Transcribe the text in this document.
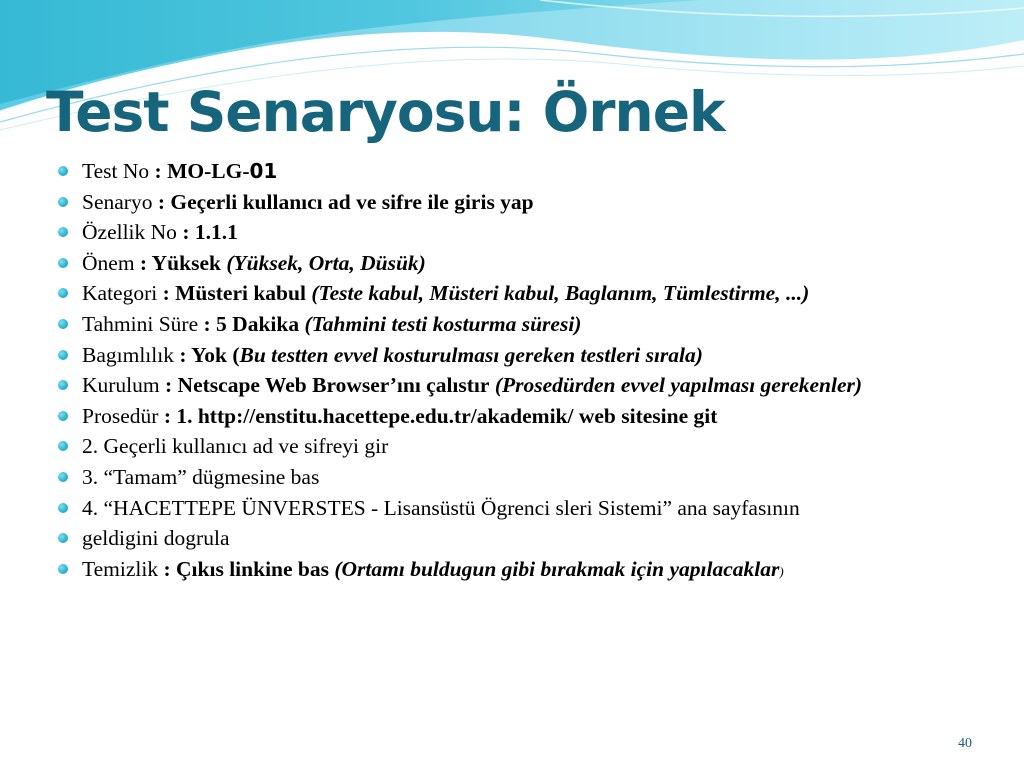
Test Senaryosu: Örnek
Test No : MO-LG-01
Senaryo : Geçerli kullanıcı ad ve sifre ile giris yap
Özellik No : 1.1.1
Önem : Yüksek (Yüksek, Orta, Düsük)
Kategori : Müsteri kabul (Teste kabul, Müsteri kabul, Baglanım, Tümlestirme, ...)
Tahmini Süre : 5 Dakika (Tahmini testi kosturma süresi)
Bagımlılık : Yok (Bu testten evvel kosturulması gereken testleri sırala)
Kurulum : Netscape Web Browser’ını çalıstır (Prosedürden evvel yapılması gerekenler)
Prosedür : 1. http://enstitu.hacettepe.edu.tr/akademik/ web sitesine git
2. Geçerli kullanıcı ad ve sifreyi gir
3. “Tamam” dügmesine bas
4. “HACETTEPE ÜNVERSTES - Lisansüstü Ögrenci sleri Sistemi” ana sayfasının
geldigini dogrula
Temizlik : Çıkıs linkine bas (Ortamı buldugun gibi bırakmak için yapılacaklar)
40
